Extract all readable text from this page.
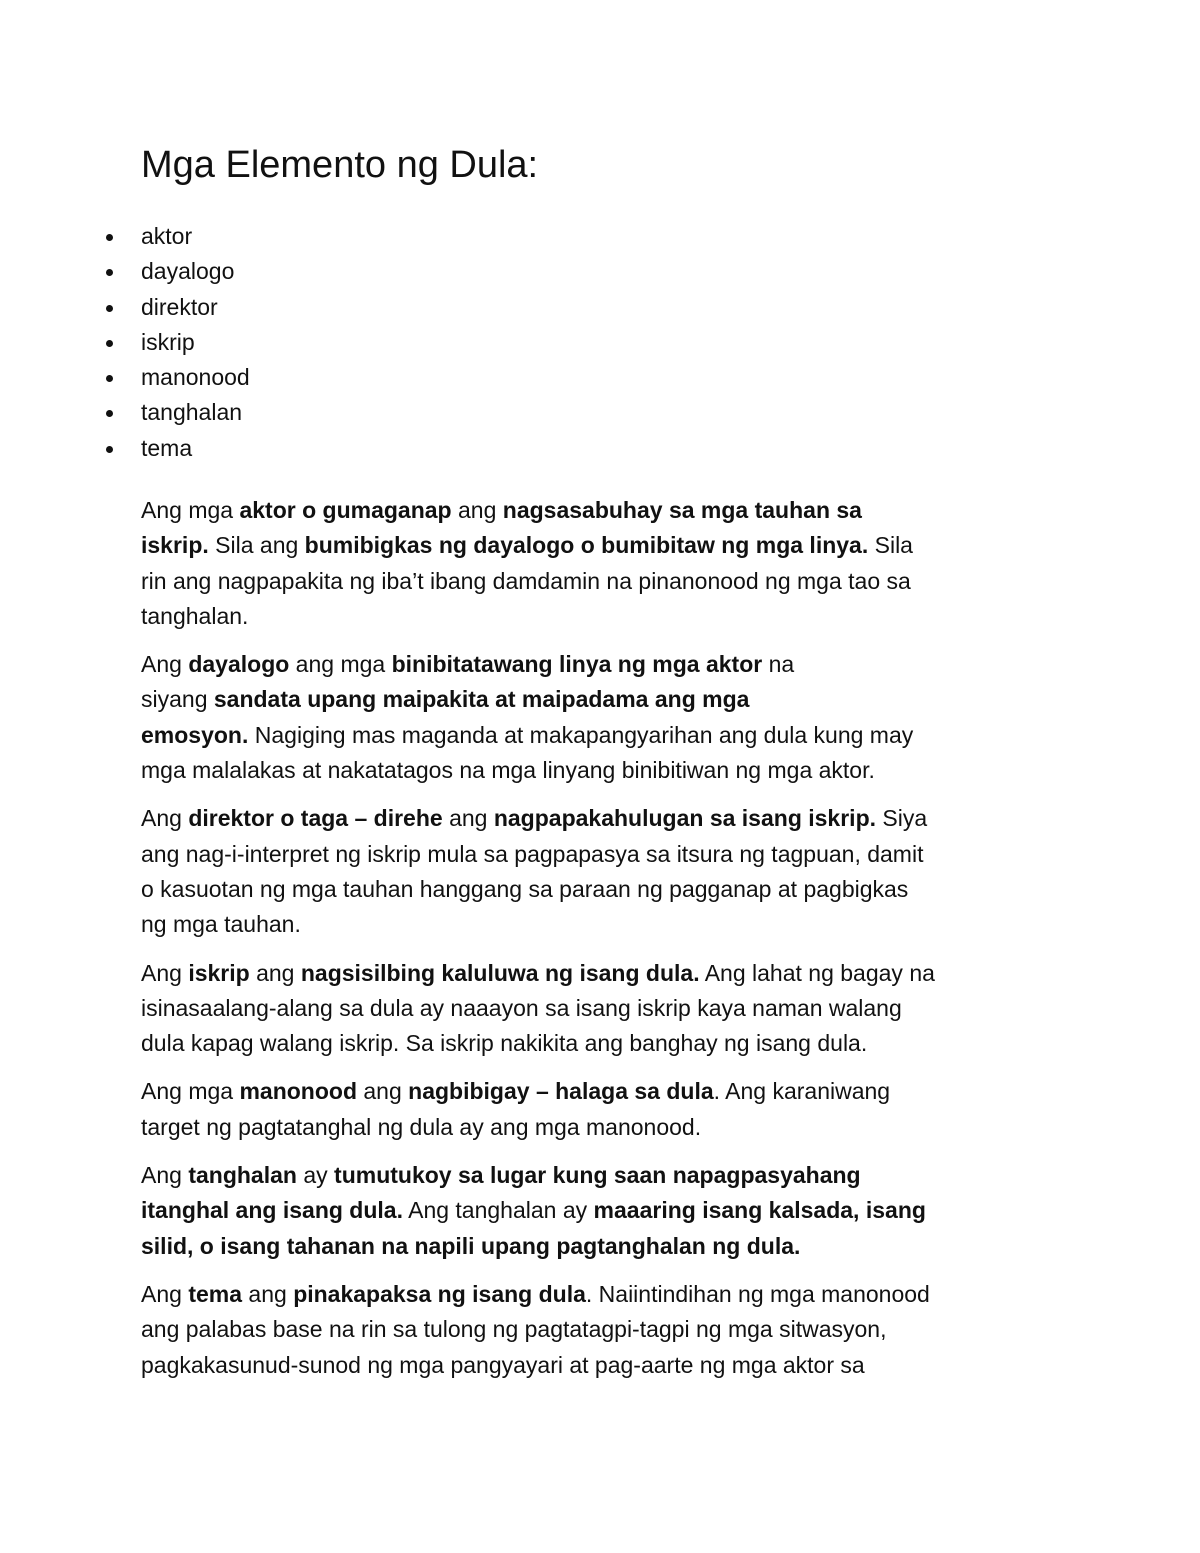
Mga Elemento ng Dula:
aktor
dayalogo
direktor
iskrip
manonood
tanghalan
tema

Ang mga aktor o gumaganap ang nagsasabuhay sa mga tauhan sa
iskrip. Sila ang bumibigkas ng dayalogo o bumibitaw ng mga linya. Sila
rin ang nagpapakita ng iba’t ibang damdamin na pinanonood ng mga tao sa
tanghalan.

Ang dayalogo ang mga binibitatawang linya ng mga aktor na
siyang sandata upang maipakita at maipadama ang mga
emosyon. Nagiging mas maganda at makapangyarihan ang dula kung may
mga malalakas at nakatatagos na mga linyang binibitiwan ng mga aktor.

Ang direktor o taga – direhe ang nagpapakahulugan sa isang iskrip. Siya
ang nag-i-interpret ng iskrip mula sa pagpapasya sa itsura ng tagpuan, damit
o kasuotan ng mga tauhan hanggang sa paraan ng pagganap at pagbigkas
ng mga tauhan.

Ang iskrip ang nagsisilbing kaluluwa ng isang dula. Ang lahat ng bagay na
isinasaalang-alang sa dula ay naaayon sa isang iskrip kaya naman walang
dula kapag walang iskrip. Sa iskrip nakikita ang banghay ng isang dula.

Ang mga manonood ang nagbibigay – halaga sa dula. Ang karaniwang
target ng pagtatanghal ng dula ay ang mga manonood.

Ang tanghalan ay tumutukoy sa lugar kung saan napagpasyahang
itanghal ang isang dula. Ang tanghalan ay maaaring isang kalsada, isang
silid, o isang tahanan na napili upang pagtanghalan ng dula.

Ang tema ang pinakapaksa ng isang dula. Naiintindihan ng mga manonood
ang palabas base na rin sa tulong ng pagtatagpi-tagpi ng mga sitwasyon,
pagkakasunud-sunod ng mga pangyayari at pag-aarte ng mga aktor sa
